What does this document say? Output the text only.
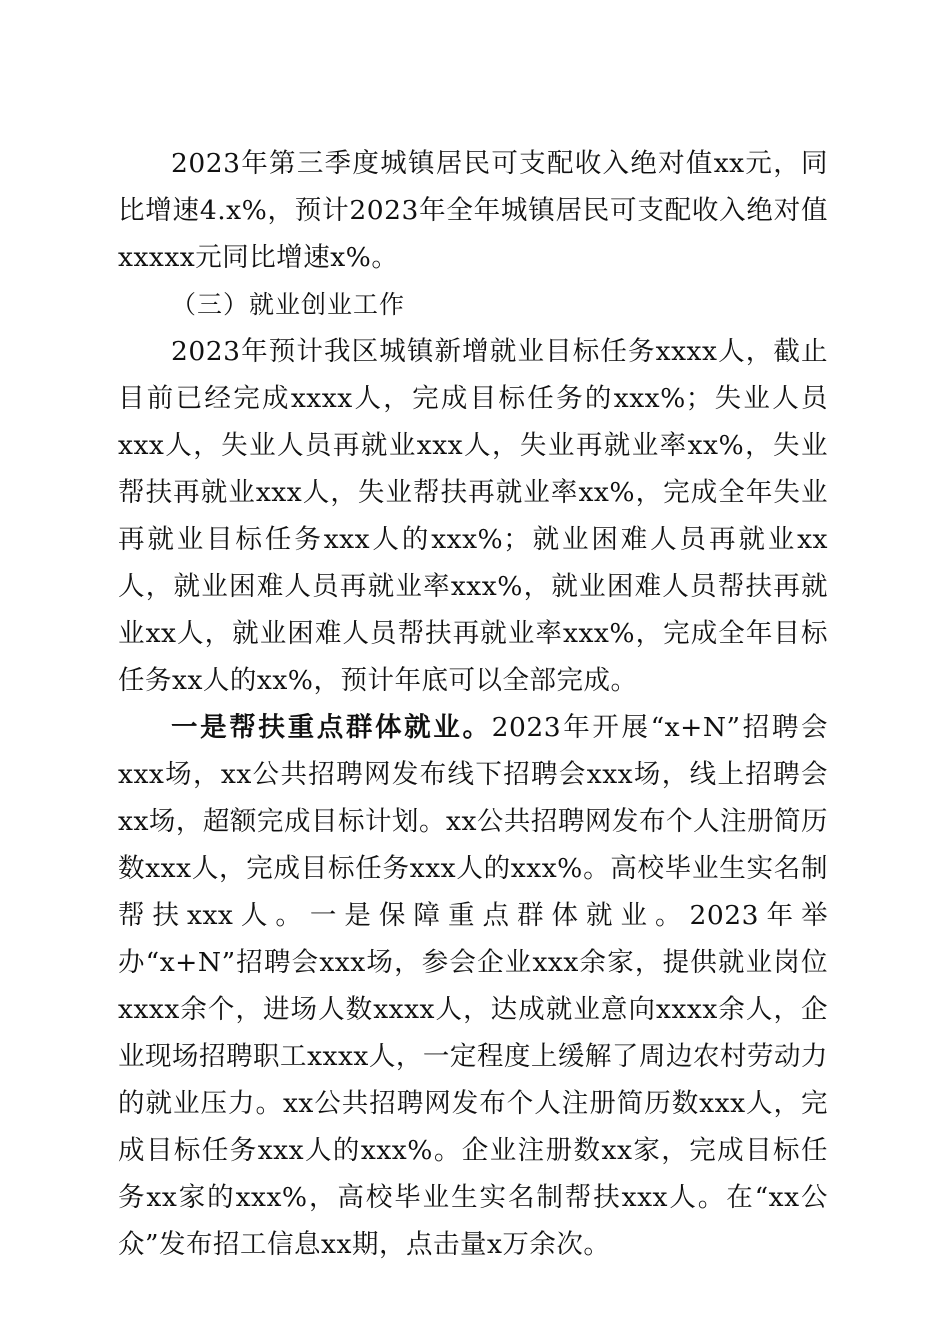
2023年第三季度城镇居民可支配收入绝对值xx元，同比增速4.x%，预计2023年全年城镇居民可支配收入绝对值xxxxx元同比增速x%。

（三）就业创业工作

2023年预计我区城镇新增就业目标任务xxxx人，截止目前已经完成xxxx人，完成目标任务的xxx%；失业人员xxx人，失业人员再就业xxx人，失业再就业率xx%，失业帮扶再就业xxx人，失业帮扶再就业率xx%，完成全年失业再就业目标任务xxx人的xxx%；就业困难人员再就业xx人，就业困难人员再就业率xxx%，就业困难人员帮扶再就业xx人，就业困难人员帮扶再就业率xxx%，完成全年目标任务xx人的xx%，预计年底可以全部完成。

一是帮扶重点群体就业。2023年开展“x+N”招聘会xxx场，xx公共招聘网发布线下招聘会xxx场，线上招聘会xx场，超额完成目标计划。xx公共招聘网发布个人注册简历数xxx人，完成目标任务xxx人的xxx%。高校毕业生实名制帮扶xxx人。一是保障重点群体就业。2023年举办“x+N”招聘会xxx场，参会企业xxx余家，提供就业岗位xxxx余个，进场人数xxxx人，达成就业意向xxxx余人，企业现场招聘职工xxxx人，一定程度上缓解了周边农村劳动力的就业压力。xx公共招聘网发布个人注册简历数xxx人，完成目标任务xxx人的xxx%。企业注册数xx家，完成目标任务xx家的xxx%，高校毕业生实名制帮扶xxx人。在“xx公众”发布招工信息xx期，点击量x万余次。
